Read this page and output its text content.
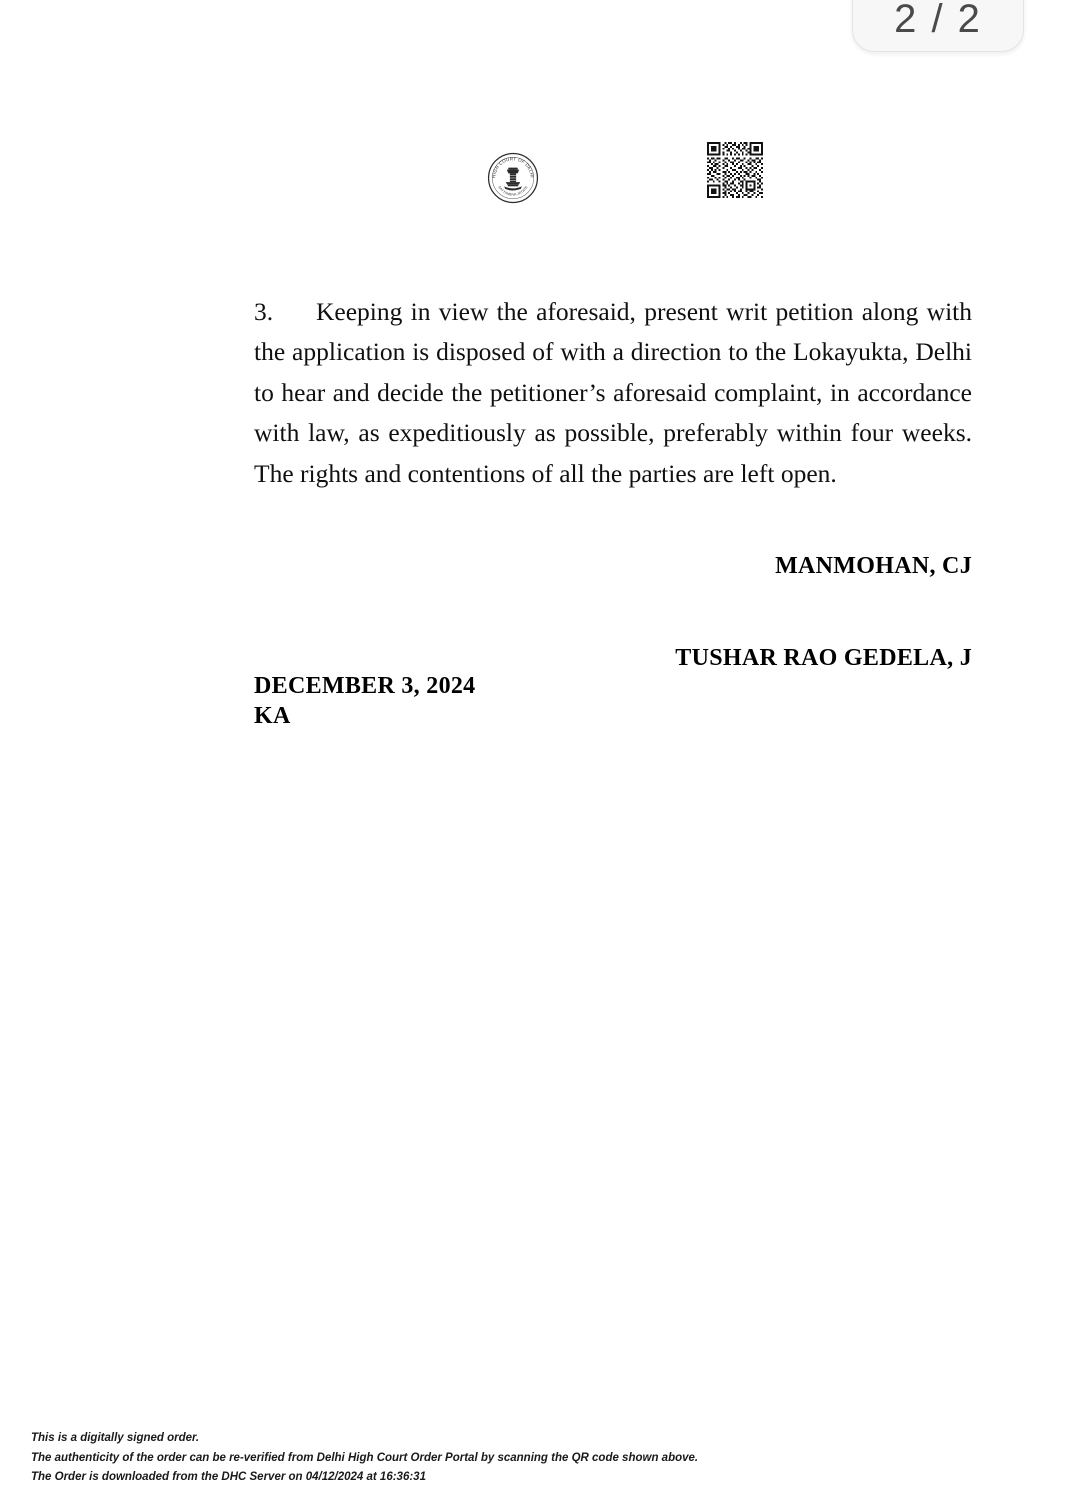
2 / 2
HIGH COURT OF DELHI
SATYAMEVA JAYATE

3. Keeping in view the aforesaid, present writ petition along with the application is disposed of with a direction to the Lokayukta, Delhi to hear and decide the petitioner’s aforesaid complaint, in accordance with law, as expeditiously as possible, preferably within four weeks. The rights and contentions of all the parties are left open.

MANMOHAN, CJ
TUSHAR RAO GEDELA, J
DECEMBER 3, 2024
KA
This is a digitally signed order.
The authenticity of the order can be re-verified from Delhi High Court Order Portal by scanning the QR code shown above.
The Order is downloaded from the DHC Server on 04/12/2024 at 16:36:31
